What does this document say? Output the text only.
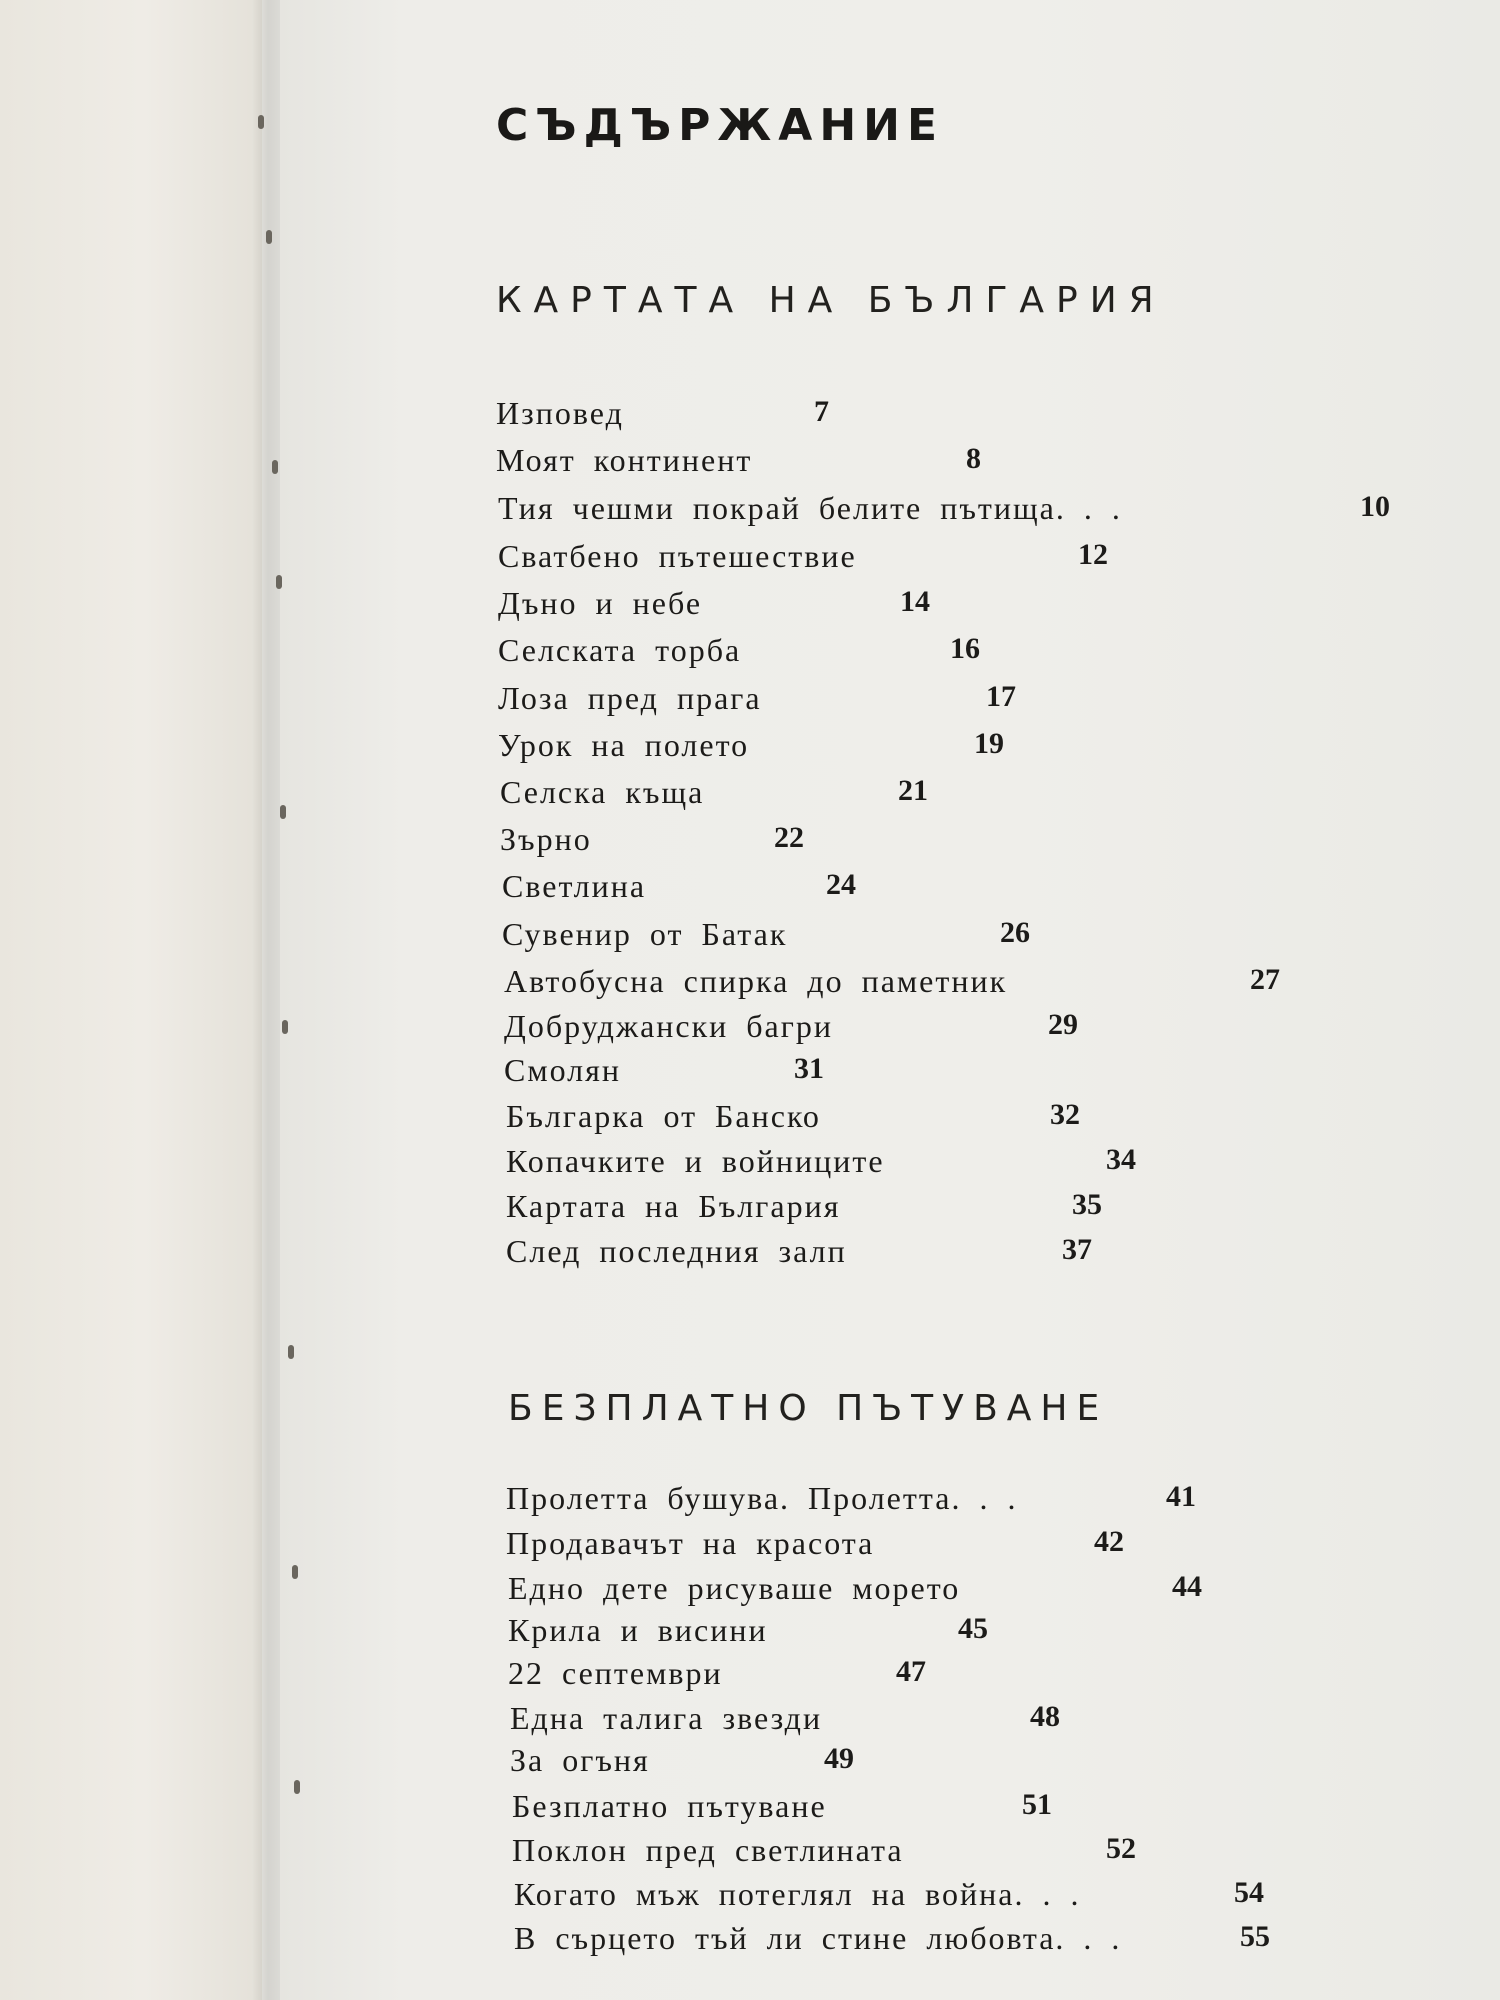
СЪДЪРЖАНИЕ
КАРТАТА НА БЪЛГАРИЯ
Изповед	7
Моят континент	8
Тия чешми покрай белите пътища. . .	10
Сватбено пътешествие	12
Дъно и небе	14
Селската торба	16
Лоза пред прага	17
Урок на полето	19
Селска къща	21
Зърно	22
Светлина	24
Сувенир от Батак	26
Автобусна спирка до паметник	27
Добруджански багри	29
Смолян	31
Българка от Банско	32
Копачките и войниците	34
Картата на България	35
След последния залп	37
БЕЗПЛАТНО ПЪТУВАНЕ
Пролетта бушува. Пролетта. . .	41
Продавачът на красота	42
Едно дете рисуваше морето	44
Крила и висини	45
22 септември	47
Една талига звезди	48
За огъня	49
Безплатно пътуване	51
Поклон пред светлината	52
Когато мъж потеглял на война. . .	54
В сърцето тъй ли стине любовта. . .	55
